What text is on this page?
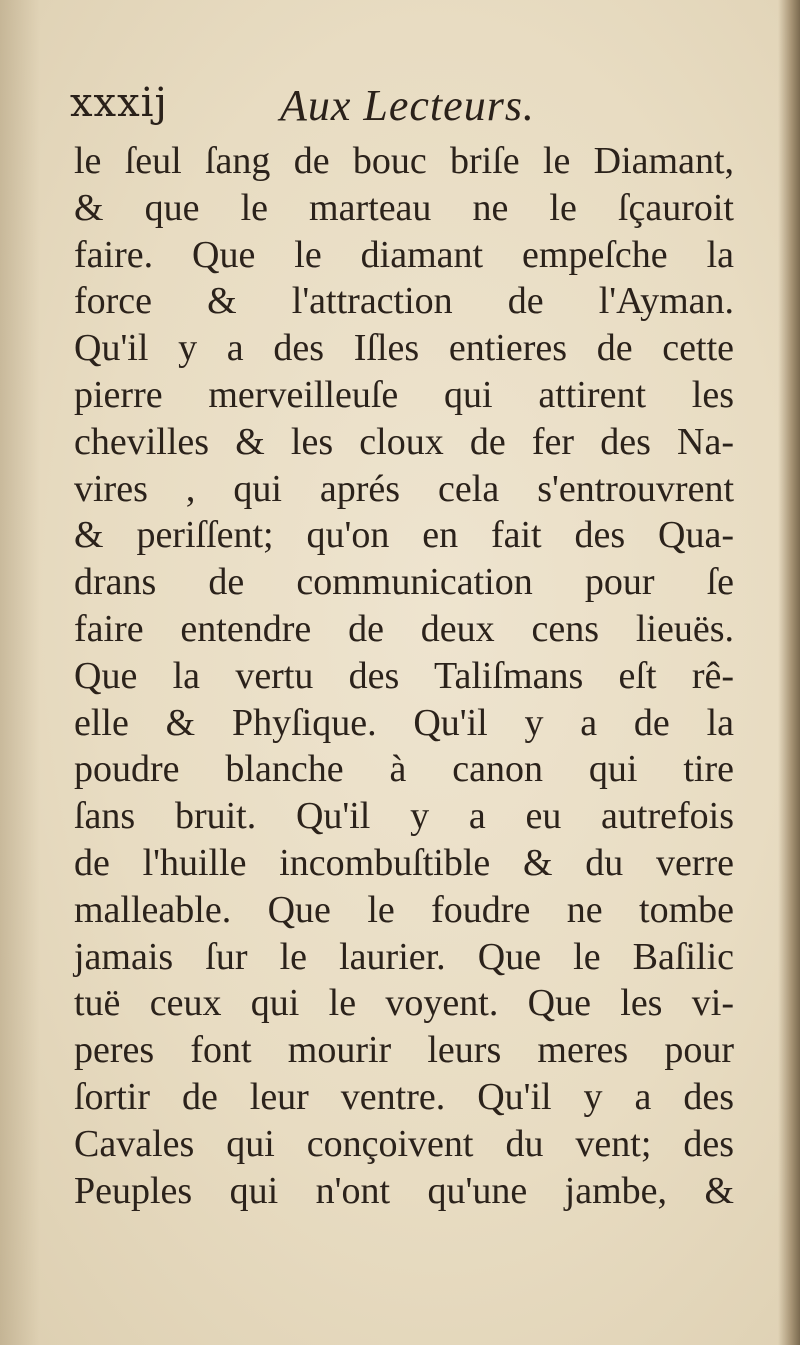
xxxij	Aux Lecteurs.
le ſeul ſang de bouc briſe le Diamant,
& que le marteau ne le ſçauroit
faire. Que le diamant empeſche la
force & l'attraction de l'Ayman.
Qu'il y a des Iſles entieres de cette
pierre merveilleuſe qui attirent les
chevilles & les cloux de fer des Na-
vires , qui aprés cela s'entrouvrent
& periſſent; qu'on en fait des Qua-
drans de communication pour ſe
faire entendre de deux cens lieuës.
Que la vertu des Taliſmans eſt rê-
elle & Phyſique. Qu'il y a de la
poudre blanche à canon qui tire
ſans bruit. Qu'il y a eu autrefois
de l'huille incombuſtible & du verre
malleable. Que le foudre ne tombe
jamais ſur le laurier. Que le Baſilic
tuë ceux qui le voyent. Que les vi-
peres font mourir leurs meres pour
ſortir de leur ventre. Qu'il y a des
Cavales qui conçoivent du vent; des
Peuples qui n'ont qu'une jambe, &
